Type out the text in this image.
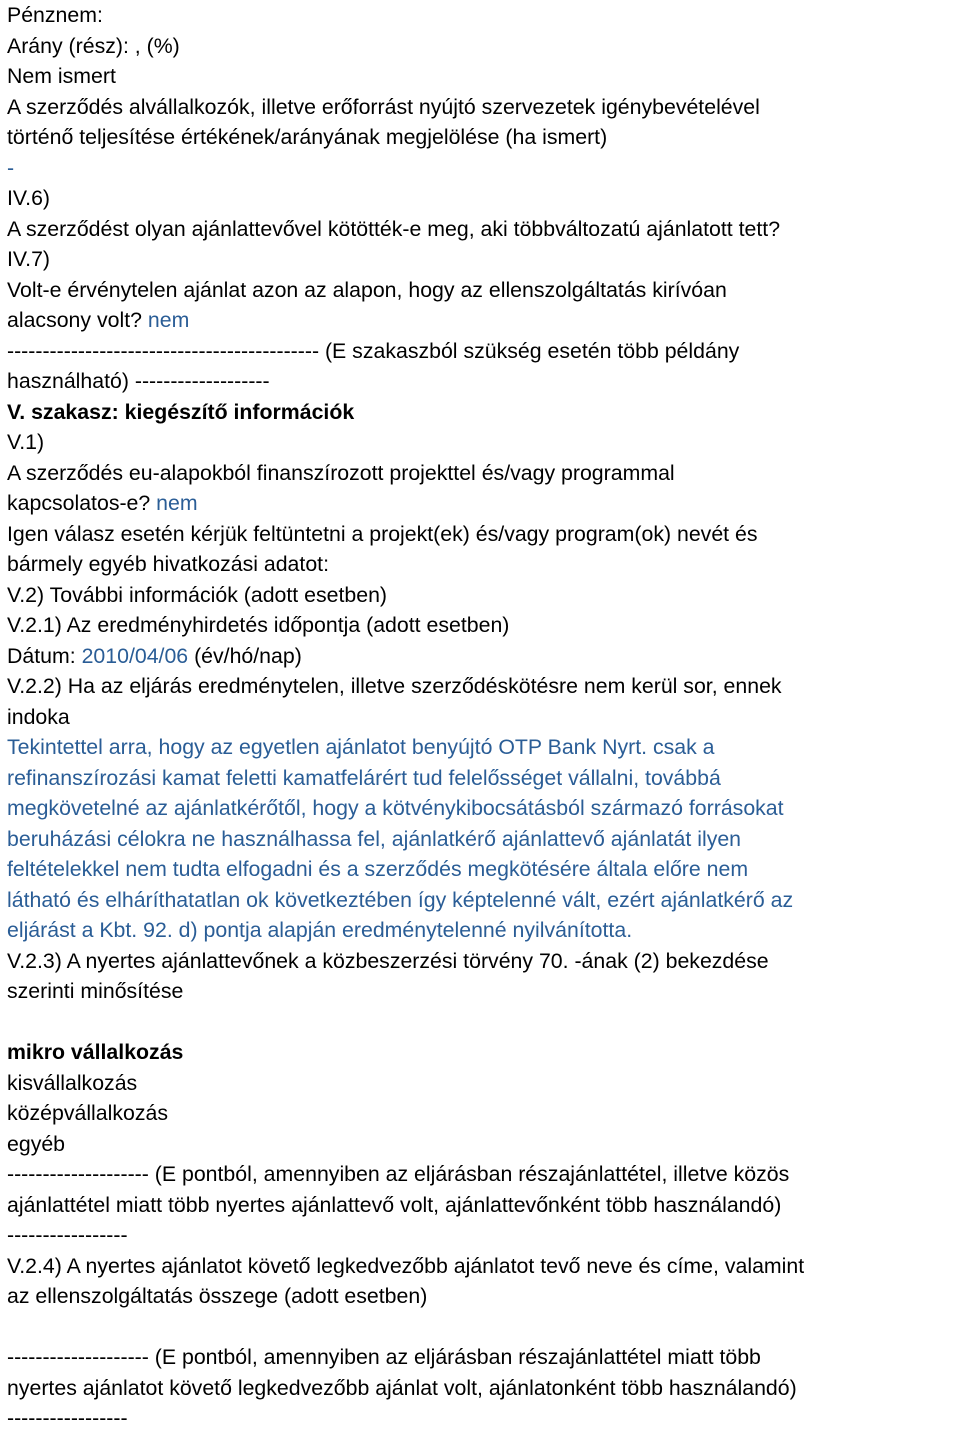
Pénznem:
Arány (rész): , (%)
Nem ismert
A szerződés alvállalkozók, illetve erőforrást nyújtó szervezetek igénybevételével
történő teljesítése értékének/arányának megjelölése (ha ismert)
-
IV.6)
A szerződést olyan ajánlattevővel kötötték-e meg, aki többváltozatú ajánlatott tett?
IV.7)
Volt-e érvénytelen ajánlat azon az alapon, hogy az ellenszolgáltatás kirívóan
alacsony volt? nem
-------------------------------------------- (E szakaszból szükség esetén több példány
használható) -------------------
V. szakasz: kiegészítő információk
V.1)
A szerződés eu-alapokból finanszírozott projekttel és/vagy programmal
kapcsolatos-e? nem
Igen válasz esetén kérjük feltüntetni a projekt(ek) és/vagy program(ok) nevét és
bármely egyéb hivatkozási adatot:
V.2) További információk (adott esetben)
V.2.1) Az eredményhirdetés időpontja (adott esetben)
Dátum: 2010/04/06 (év/hó/nap)
V.2.2) Ha az eljárás eredménytelen, illetve szerződéskötésre nem kerül sor, ennek
indoka
Tekintettel arra, hogy az egyetlen ajánlatot benyújtó OTP Bank Nyrt. csak a
refinanszírozási kamat feletti kamatfelárért tud felelősséget vállalni, továbbá
megkövetelné az ajánlatkérőtől, hogy a kötvénykibocsátásból származó forrásokat
beruházási célokra ne használhassa fel, ajánlatkérő ajánlattevő ajánlatát ilyen
feltételekkel nem tudta elfogadni és a szerződés megkötésére általa előre nem
látható és elháríthatatlan ok következtében így képtelenné vált, ezért ajánlatkérő az
eljárást a Kbt. 92. d) pontja alapján eredménytelenné nyilvánította.
V.2.3) A nyertes ajánlattevőnek a közbeszerzési törvény 70. -ának (2) bekezdése
szerinti minősítése
mikro vállalkozás
kisvállalkozás
középvállalkozás
egyéb
-------------------- (E pontból, amennyiben az eljárásban részajánlattétel, illetve közös
ajánlattétel miatt több nyertes ajánlattevő volt, ajánlattevőnként több használandó)
-----------------
V.2.4) A nyertes ajánlatot követő legkedvezőbb ajánlatot tevő neve és címe, valamint
az ellenszolgáltatás összege (adott esetben)
-------------------- (E pontból, amennyiben az eljárásban részajánlattétel miatt több
nyertes ajánlatot követő legkedvezőbb ajánlat volt, ajánlatonként több használandó)
-----------------
